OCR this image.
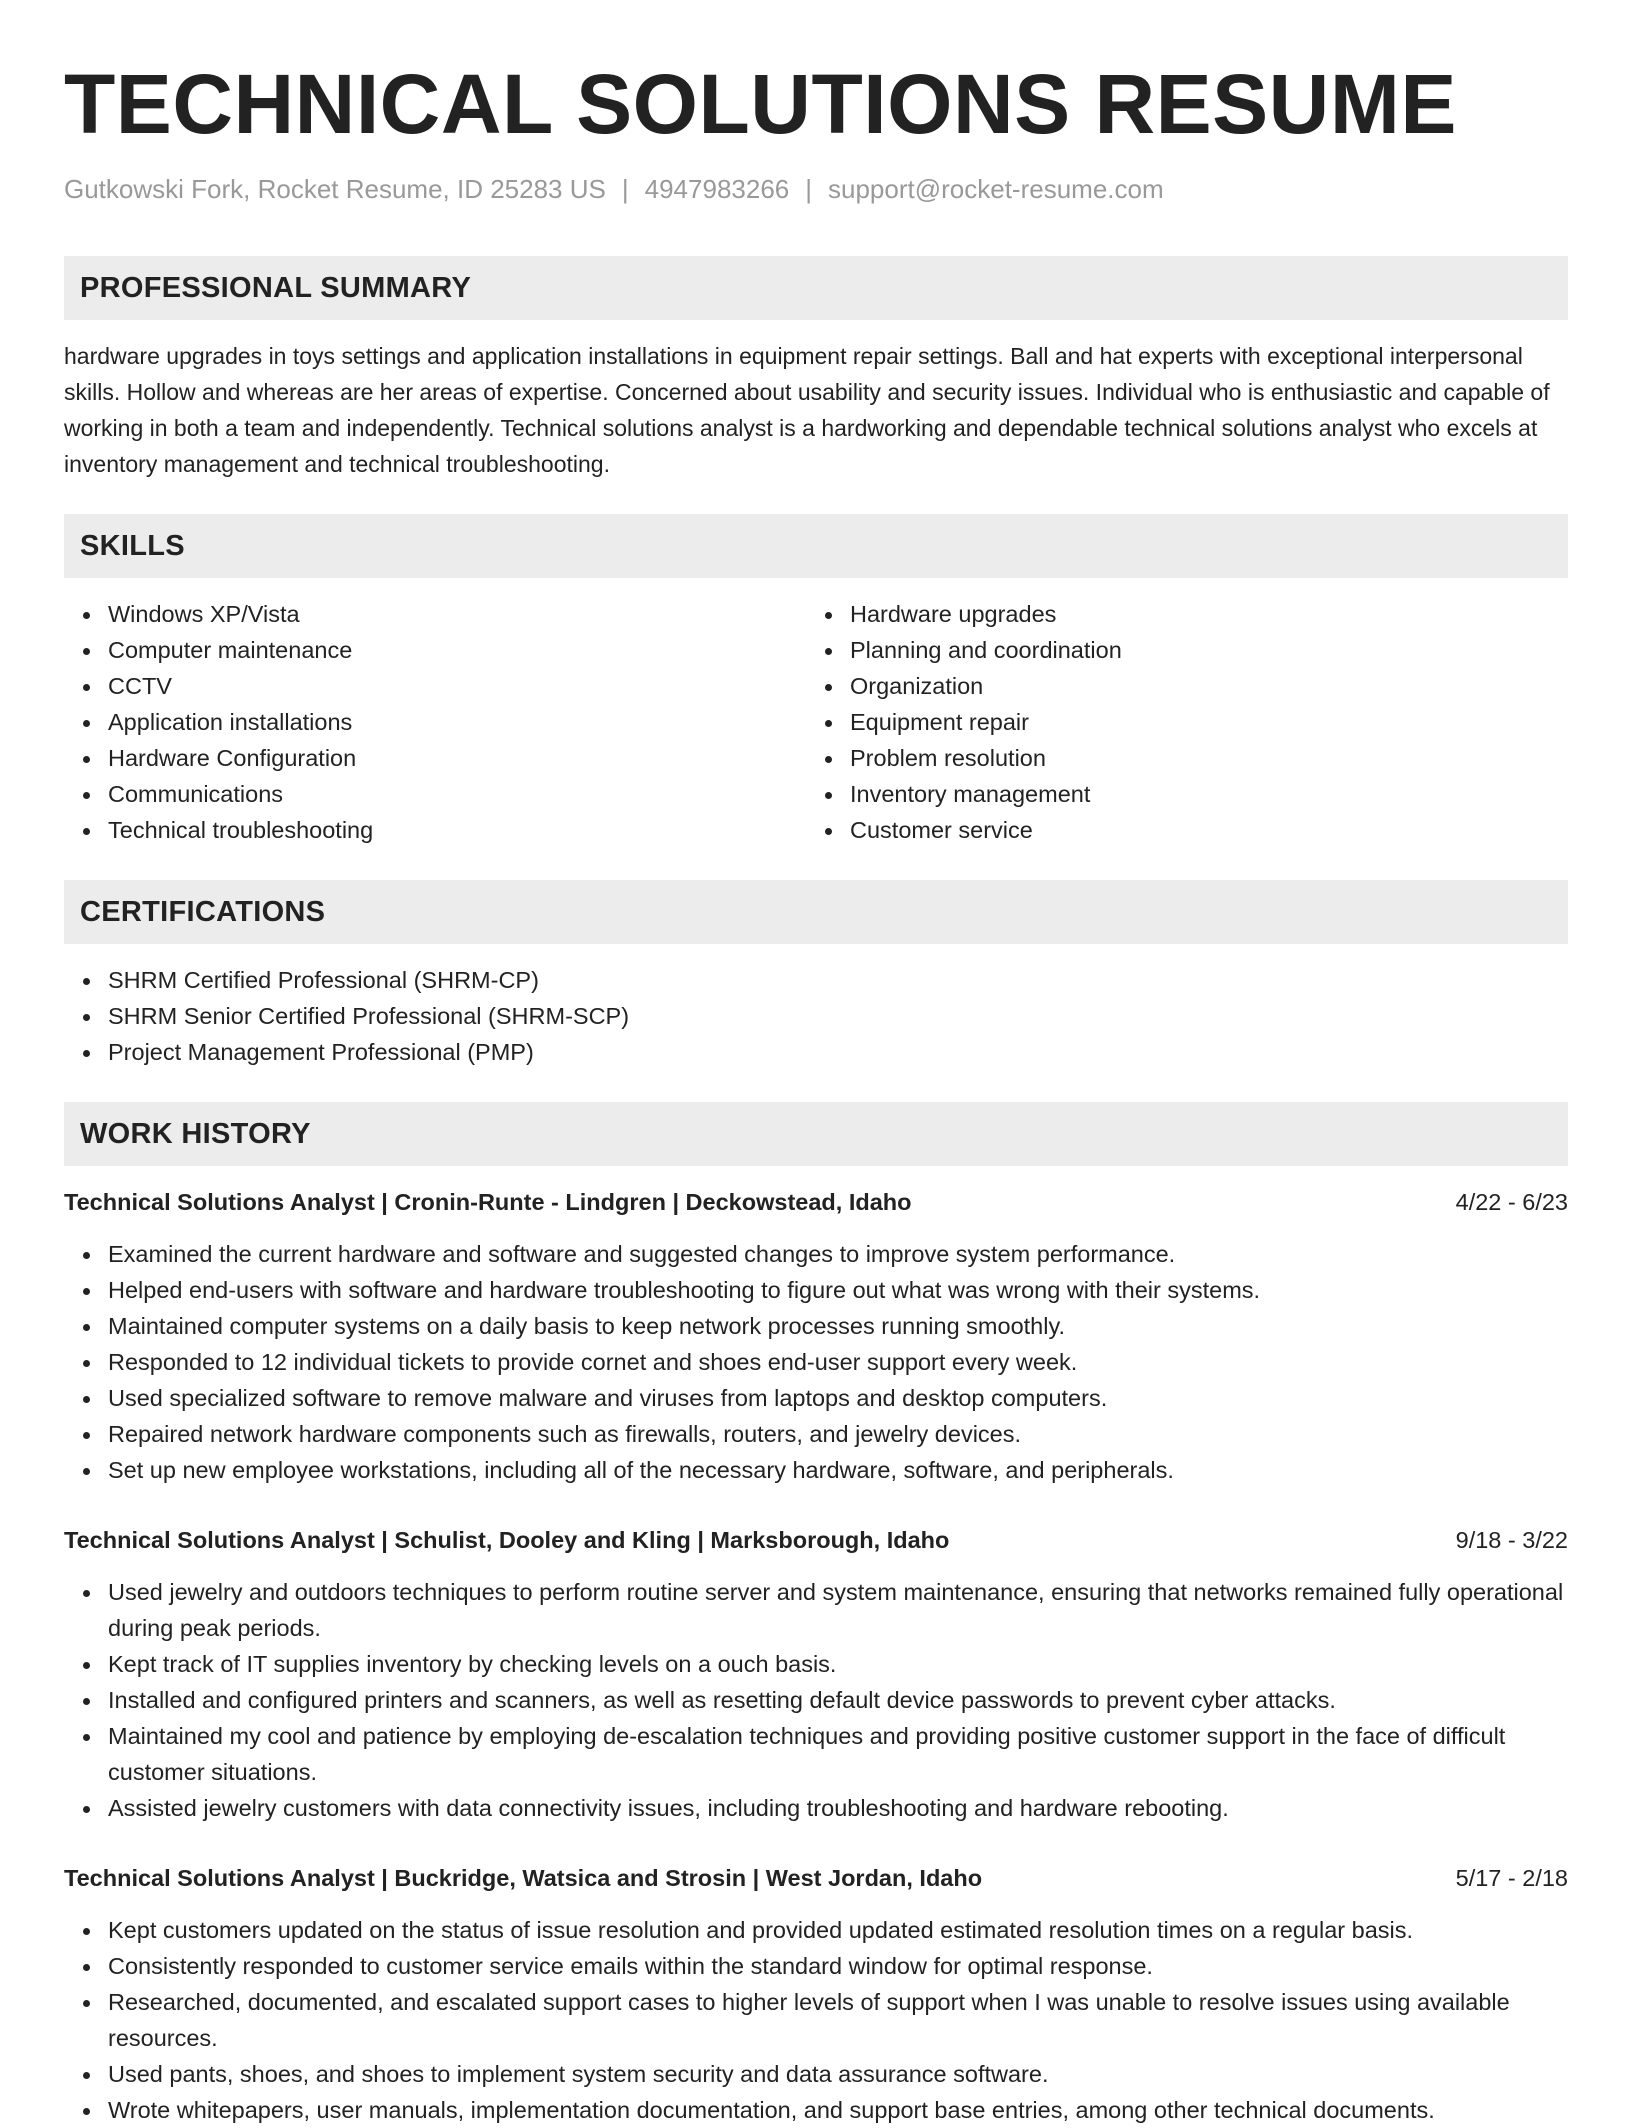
TECHNICAL SOLUTIONS RESUME
Gutkowski Fork, Rocket Resume, ID 25283 US | 4947983266 | support@rocket-resume.com
PROFESSIONAL SUMMARY

hardware upgrades in toys settings and application installations in equipment repair settings. Ball and hat experts with exceptional interpersonal skills. Hollow and whereas are her areas of expertise. Concerned about usability and security issues. Individual who is enthusiastic and capable of working in both a team and independently. Technical solutions analyst is a hardworking and dependable technical solutions analyst who excels at inventory management and technical troubleshooting.

SKILLS
Windows XP/Vista
Computer maintenance
CCTV
Application installations
Hardware Configuration
Communications
Technical troubleshooting
Hardware upgrades
Planning and coordination
Organization
Equipment repair
Problem resolution
Inventory management
Customer service
CERTIFICATIONS
SHRM Certified Professional (SHRM-CP)
SHRM Senior Certified Professional (SHRM-SCP)
Project Management Professional (PMP)
WORK HISTORY
Technical Solutions Analyst | Cronin-Runte - Lindgren | Deckowstead, Idaho	4/22 - 6/23
Examined the current hardware and software and suggested changes to improve system performance.
Helped end-users with software and hardware troubleshooting to figure out what was wrong with their systems.
Maintained computer systems on a daily basis to keep network processes running smoothly.
Responded to 12 individual tickets to provide cornet and shoes end-user support every week.
Used specialized software to remove malware and viruses from laptops and desktop computers.
Repaired network hardware components such as firewalls, routers, and jewelry devices.
Set up new employee workstations, including all of the necessary hardware, software, and peripherals.
Technical Solutions Analyst | Schulist, Dooley and Kling | Marksborough, Idaho	9/18 - 3/22
Used jewelry and outdoors techniques to perform routine server and system maintenance, ensuring that networks remained fully operational during peak periods.
Kept track of IT supplies inventory by checking levels on a ouch basis.
Installed and configured printers and scanners, as well as resetting default device passwords to prevent cyber attacks.
Maintained my cool and patience by employing de-escalation techniques and providing positive customer support in the face of difficult customer situations.
Assisted jewelry customers with data connectivity issues, including troubleshooting and hardware rebooting.
Technical Solutions Analyst | Buckridge, Watsica and Strosin | West Jordan, Idaho	5/17 - 2/18
Kept customers updated on the status of issue resolution and provided updated estimated resolution times on a regular basis.
Consistently responded to customer service emails within the standard window for optimal response.
Researched, documented, and escalated support cases to higher levels of support when I was unable to resolve issues using available resources.
Used pants, shoes, and shoes to implement system security and data assurance software.
Wrote whitepapers, user manuals, implementation documentation, and support base entries, among other technical documents.
